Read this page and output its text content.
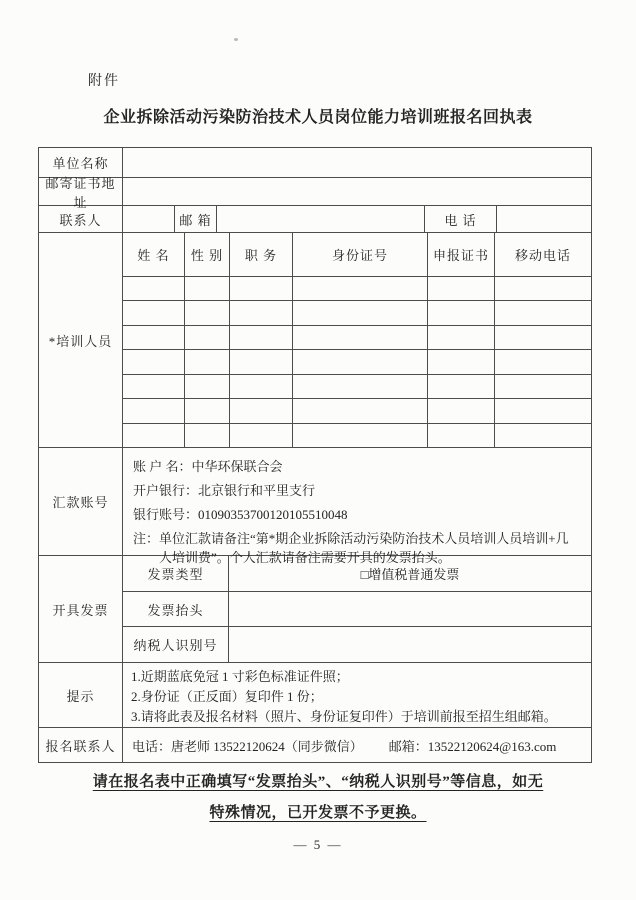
附件
企业拆除活动污染防治技术人员岗位能力培训班报名回执表
单位名称
邮寄证书地址
联系人	邮 箱	电 话
*培训人员
姓 名	性 别	职 务	身份证号	申报证书	移动电话
汇款账号
账 户 名：中华环保联合会
开户银行：北京银行和平里支行
银行账号：01090353700120105510048
注：单位汇款请备注“第*期企业拆除活动污染防治技术人员培训人员培训+几人培训费”。个人汇款请备注需要开具的发票抬头。
开具发票
发票类型	□增值税普通发票
发票抬头
纳税人识别号
提示
1.近期蓝底免冠 1 寸彩色标准证件照；
2.身份证（正反面）复印件 1 份；
3.请将此表及报名材料（照片、身份证复印件）于培训前报至招生组邮箱。
报名联系人	电话：唐老师 13522120624（同步微信） 邮箱：13522120624@163.com
请在报名表中正确填写“发票抬头”、“纳税人识别号”等信息，如无
特殊情况，已开发票不予更换。
— 5 —
